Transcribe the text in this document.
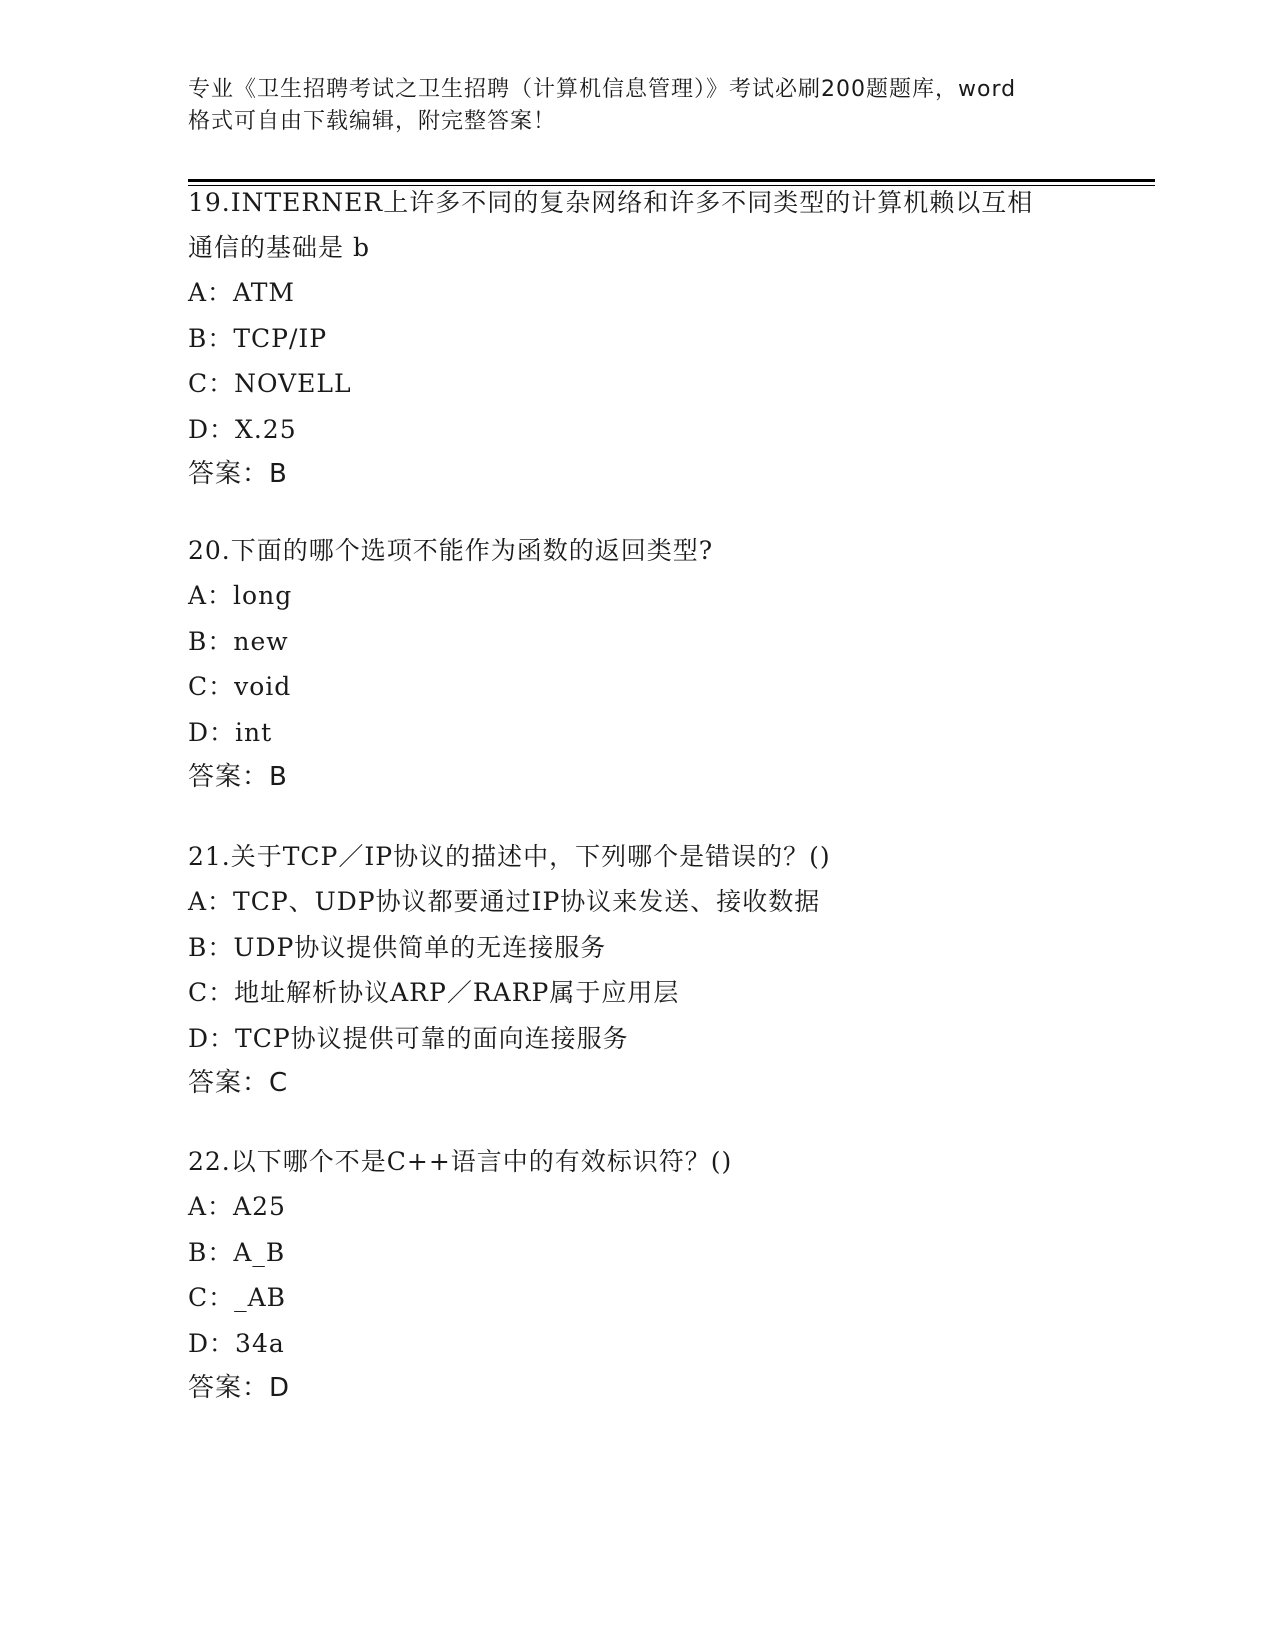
专业《卫生招聘考试之卫生招聘（计算机信息管理）》考试必刷200题题库，word
格式可自由下载编辑，附完整答案！
19.INTERNER上许多不同的复杂网络和许多不同类型的计算机赖以互相
通信的基础是 b
A：ATM
B：TCP/IP
C：NOVELL
D：X.25
答案：B
20.下面的哪个选项不能作为函数的返回类型?
A：long
B：new
C：void
D：int
答案：B
21.关于TCP／IP协议的描述中，下列哪个是错误的？()
A：TCP、UDP协议都要通过IP协议来发送、接收数据
B：UDP协议提供简单的无连接服务
C：地址解析协议ARP／RARP属于应用层
D：TCP协议提供可靠的面向连接服务
答案：C
22.以下哪个不是C++语言中的有效标识符？()
A：A25
B：A_B
C：_AB
D：34a
答案：D
